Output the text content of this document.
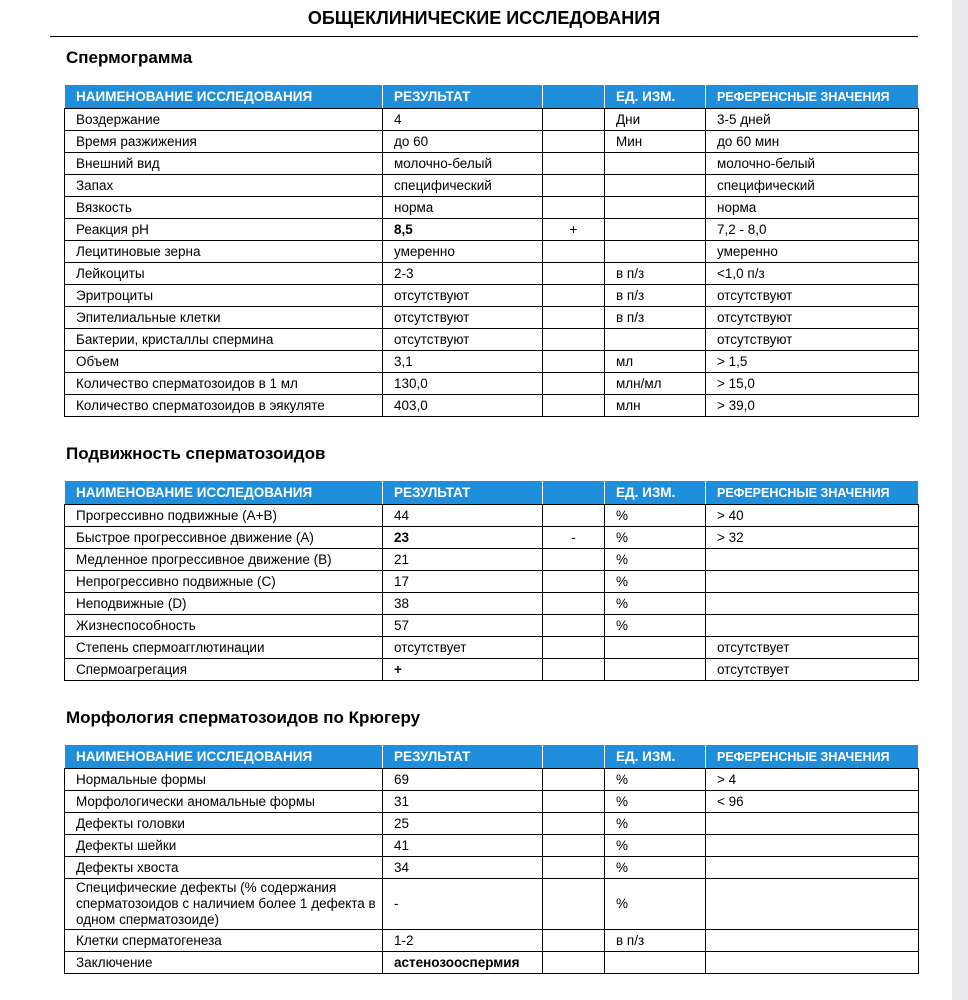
ОБЩЕКЛИНИЧЕСКИЕ ИССЛЕДОВАНИЯ
Спермограмма
НАИМЕНОВАНИЕ ИССЛЕДОВАНИЯ	РЕЗУЛЬТАТ		ЕД. ИЗМ.	РЕФЕРЕНСНЫЕ ЗНАЧЕНИЯ
Воздержание	4		Дни	3-5 дней
Время разжижения	до 60		Мин	до 60 мин
Внешний вид	молочно-белый			молочно-белый
Запах	специфический			специфический
Вязкость	норма			норма
Реакция рН	8,5	+		7,2 - 8,0
Лецитиновые зерна	умеренно			умеренно
Лейкоциты	2-3		в п/з	<1,0 п/з
Эритроциты	отсутствуют		в п/з	отсутствуют
Эпителиальные клетки	отсутствуют		в п/з	отсутствуют
Бактерии, кристаллы спермина	отсутствуют			отсутствуют
Объем	3,1		мл	> 1,5
Количество сперматозоидов в 1 мл	130,0		млн/мл	> 15,0
Количество сперматозоидов в эякуляте	403,0		млн	> 39,0
Подвижность сперматозоидов
НАИМЕНОВАНИЕ ИССЛЕДОВАНИЯ	РЕЗУЛЬТАТ		ЕД. ИЗМ.	РЕФЕРЕНСНЫЕ ЗНАЧЕНИЯ
Прогрессивно подвижные (А+В)	44		%	> 40
Быстрое прогрессивное движение (А)	23	-	%	> 32
Медленное прогрессивное движение (В)	21		%	
Непрогрессивно подвижные (С)	17		%	
Неподвижные (D)	38		%	
Жизнеспособность	57		%	
Степень спермоагглютинации	отсутствует			отсутствует
Спермоагрегация	+			отсутствует
Морфология сперматозоидов по Крюгеру
НАИМЕНОВАНИЕ ИССЛЕДОВАНИЯ	РЕЗУЛЬТАТ		ЕД. ИЗМ.	РЕФЕРЕНСНЫЕ ЗНАЧЕНИЯ
Нормальные формы	69		%	> 4
Морфологически аномальные формы	31		%	< 96
Дефекты головки	25		%	
Дефекты шейки	41		%	
Дефекты хвоста	34		%	
Специфические дефекты (% содержания сперматозоидов с наличием более 1 дефекта в одном сперматозоиде)	-		%	
Клетки сперматогенеза	1-2		в п/з	
Заключение	астенозооспермия			
